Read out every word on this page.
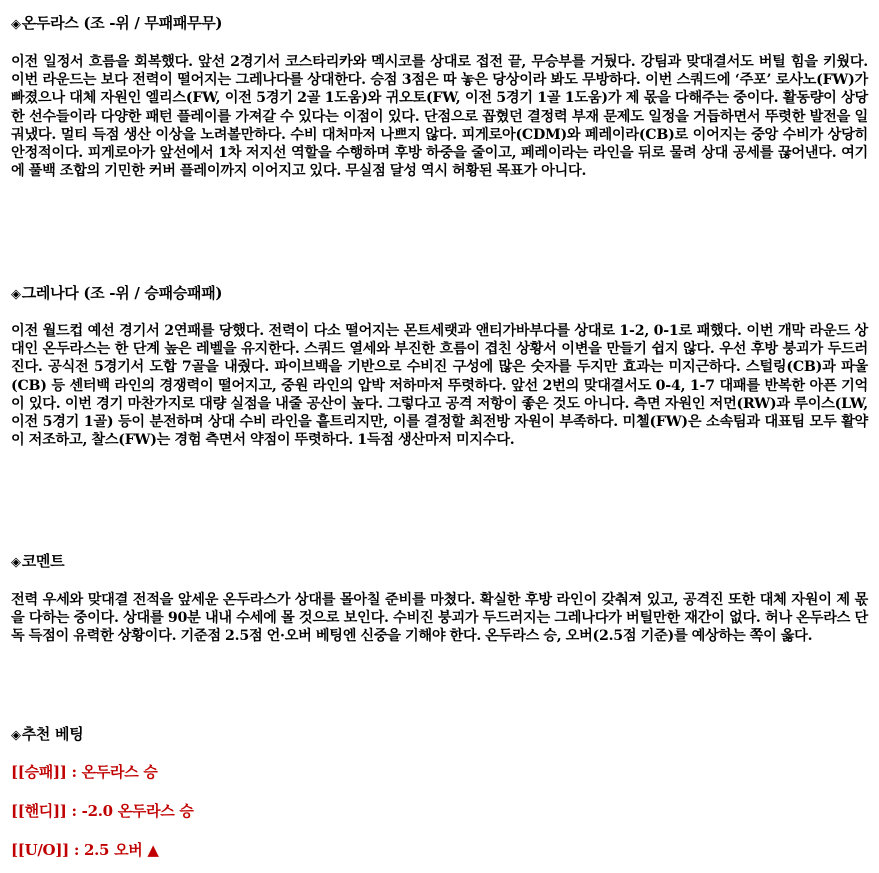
◈온두라스 (조 -위 / 무패패무무)
이전 일정서 흐름을 회복했다. 앞선 2경기서 코스타리카와 멕시코를 상대로 접전 끝, 무승부를 거뒀다. 강팀과 맞대결서도 버틸 힘을 키웠다. 이번 라운드는 보다 전력이 떨어지는 그레나다를 상대한다. 승점 3점은 따 놓은 당상이라 봐도 무방하다. 이번 스쿼드에 ‘주포’ 로사노(FW)가 빠졌으나 대체 자원인 엘리스(FW, 이전 5경기 2골 1도움)와 귀오토(FW, 이전 5경기 1골 1도움)가 제 몫을 다해주는 중이다. 활동량이 상당한 선수들이라 다양한 패턴 플레이를 가져갈 수 있다는 이점이 있다. 단점으로 꼽혔던 결정력 부재 문제도 일정을 거듭하면서 뚜렷한 발전을 일궈냈다. 멀티 득점 생산 이상을 노려볼만하다. 수비 대처마저 나쁘지 않다. 피게로아(CDM)와 페레이라(CB)로 이어지는 중앙 수비가 상당히 안정적이다. 피게로아가 앞선에서 1차 저지선 역할을 수행하며 후방 하중을 줄이고, 페레이라는 라인을 뒤로 물려 상대 공세를 끊어낸다. 여기에 풀백 조합의 기민한 커버 플레이까지 이어지고 있다. 무실점 달성 역시 허황된 목표가 아니다.
◈그레나다 (조 -위 / 승패승패패)
이전 월드컵 예선 경기서 2연패를 당했다. 전력이 다소 떨어지는 몬트세랫과 앤티가바부다를 상대로 1-2, 0-1로 패했다. 이번 개막 라운드 상대인 온두라스는 한 단계 높은 레벨을 유지한다. 스쿼드 열세와 부진한 흐름이 겹친 상황서 이변을 만들기 쉽지 않다. 우선 후방 붕괴가 두드러진다. 공식전 5경기서 도합 7골을 내줬다. 파이브백을 기반으로 수비진 구성에 많은 숫자를 두지만 효과는 미지근하다. 스털링(CB)과 파울(CB) 등 센터백 라인의 경쟁력이 떨어지고, 중원 라인의 압박 저하마저 뚜렷하다. 앞선 2번의 맞대결서도 0-4, 1-7 대패를 반복한 아픈 기억이 있다. 이번 경기 마찬가지로 대량 실점을 내줄 공산이 높다. 그렇다고 공격 저항이 좋은 것도 아니다. 측면 자원인 저먼(RW)과 루이스(LW, 이전 5경기 1골) 등이 분전하며 상대 수비 라인을 흩트리지만, 이를 결정할 최전방 자원이 부족하다. 미첼(FW)은 소속팀과 대표팀 모두 활약이 저조하고, 찰스(FW)는 경험 측면서 약점이 뚜렷하다. 1득점 생산마저 미지수다.
◈코멘트
전력 우세와 맞대결 전적을 앞세운 온두라스가 상대를 몰아칠 준비를 마쳤다. 확실한 후방 라인이 갖춰져 있고, 공격진 또한 대체 자원이 제 몫을 다하는 중이다. 상대를 90분 내내 수세에 몰 것으로 보인다. 수비진 붕괴가 두드러지는 그레나다가 버틸만한 재간이 없다. 허나 온두라스 단독 득점이 유력한 상황이다. 기준점 2.5점 언·오버 베팅엔 신중을 기해야 한다. 온두라스 승, 오버(2.5점 기준)를 예상하는 쪽이 옳다.
◈추천 베팅
[[승패]] : 온두라스 승
[[핸디]] : -2.0 온두라스 승
[[U/O]] : 2.5 오버 ▲
